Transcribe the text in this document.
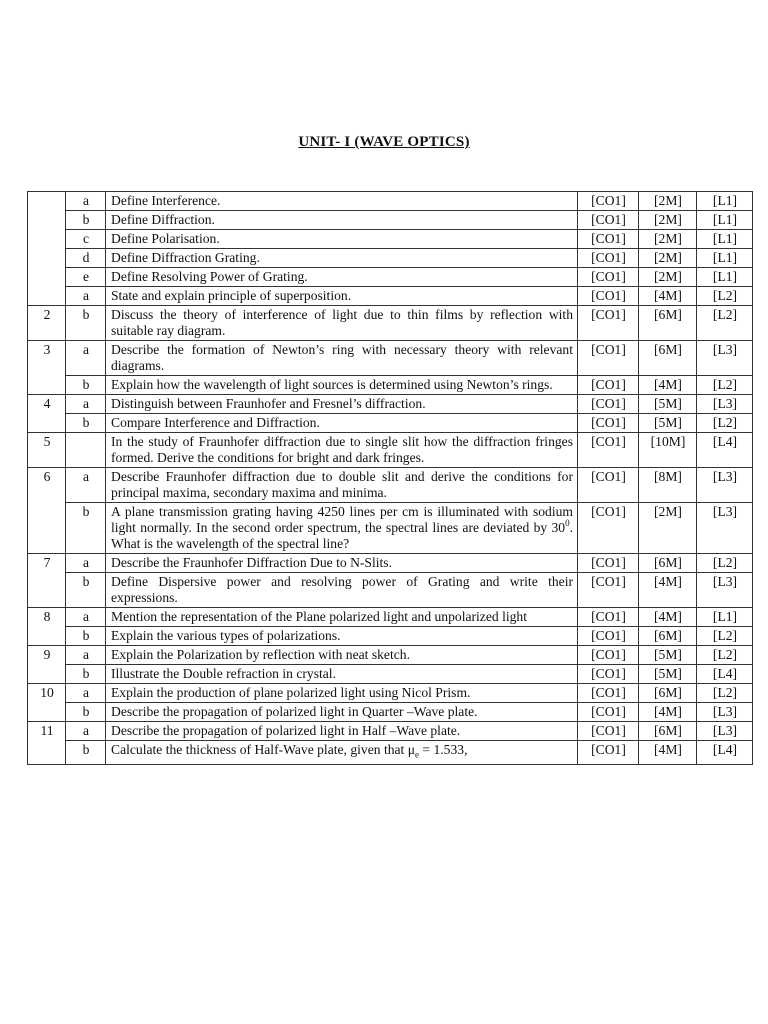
UNIT- I (WAVE OPTICS)
	a	Define Interference.	[CO1]	[2M]	[L1]
	b	Define Diffraction.	[CO1]	[2M]	[L1]
	c	Define Polarisation.	[CO1]	[2M]	[L1]
	d	Define Diffraction Grating.	[CO1]	[2M]	[L1]
	e	Define Resolving Power of Grating.	[CO1]	[2M]	[L1]
	a	State and explain principle of superposition.	[CO1]	[4M]	[L2]
2	b	Discuss the theory of interference of light due to thin films by reflection with suitable ray diagram.	[CO1]	[6M]	[L2]
3	a	Describe the formation of Newton’s ring with necessary theory with relevant diagrams.	[CO1]	[6M]	[L3]
	b	Explain how the wavelength of light sources is determined using Newton’s rings.	[CO1]	[4M]	[L2]
4	a	Distinguish between Fraunhofer and Fresnel’s diffraction.	[CO1]	[5M]	[L3]
	b	Compare Interference and Diffraction.	[CO1]	[5M]	[L2]
5		In the study of Fraunhofer diffraction due to single slit how the diffraction fringes formed. Derive the conditions for bright and dark fringes.	[CO1]	[10M]	[L4]
6	a	Describe Fraunhofer diffraction due to double slit and derive the conditions for principal maxima, secondary maxima and minima.	[CO1]	[8M]	[L3]
	b	A plane transmission grating having 4250 lines per cm is illuminated with sodium light normally. In the second order spectrum, the spectral lines are deviated by $30^0$. What is the wavelength of the spectral line?	[CO1]	[2M]	[L3]
7	a	Describe the Fraunhofer Diffraction Due to N-Slits.	[CO1]	[6M]	[L2]
	b	Define Dispersive power and resolving power of Grating and write their expressions.	[CO1]	[4M]	[L3]
8	a	Mention the representation of the Plane polarized light and unpolarized light	[CO1]	[4M]	[L1]
	b	Explain the various types of polarizations.	[CO1]	[6M]	[L2]
9	a	Explain the Polarization by reflection with neat sketch.	[CO1]	[5M]	[L2]
	b	Illustrate the Double refraction in crystal.	[CO1]	[5M]	[L4]
10	a	Explain the production of plane polarized light using Nicol Prism.	[CO1]	[6M]	[L2]
	b	Describe the propagation of polarized light in Quarter –Wave plate.	[CO1]	[4M]	[L3]
11	a	Describe the propagation of polarized light in Half –Wave plate.	[CO1]	[6M]	[L3]
	b	Calculate the thickness of Half-Wave plate, given that $\mu_e = 1.533$,	[CO1]	[4M]	[L4]
